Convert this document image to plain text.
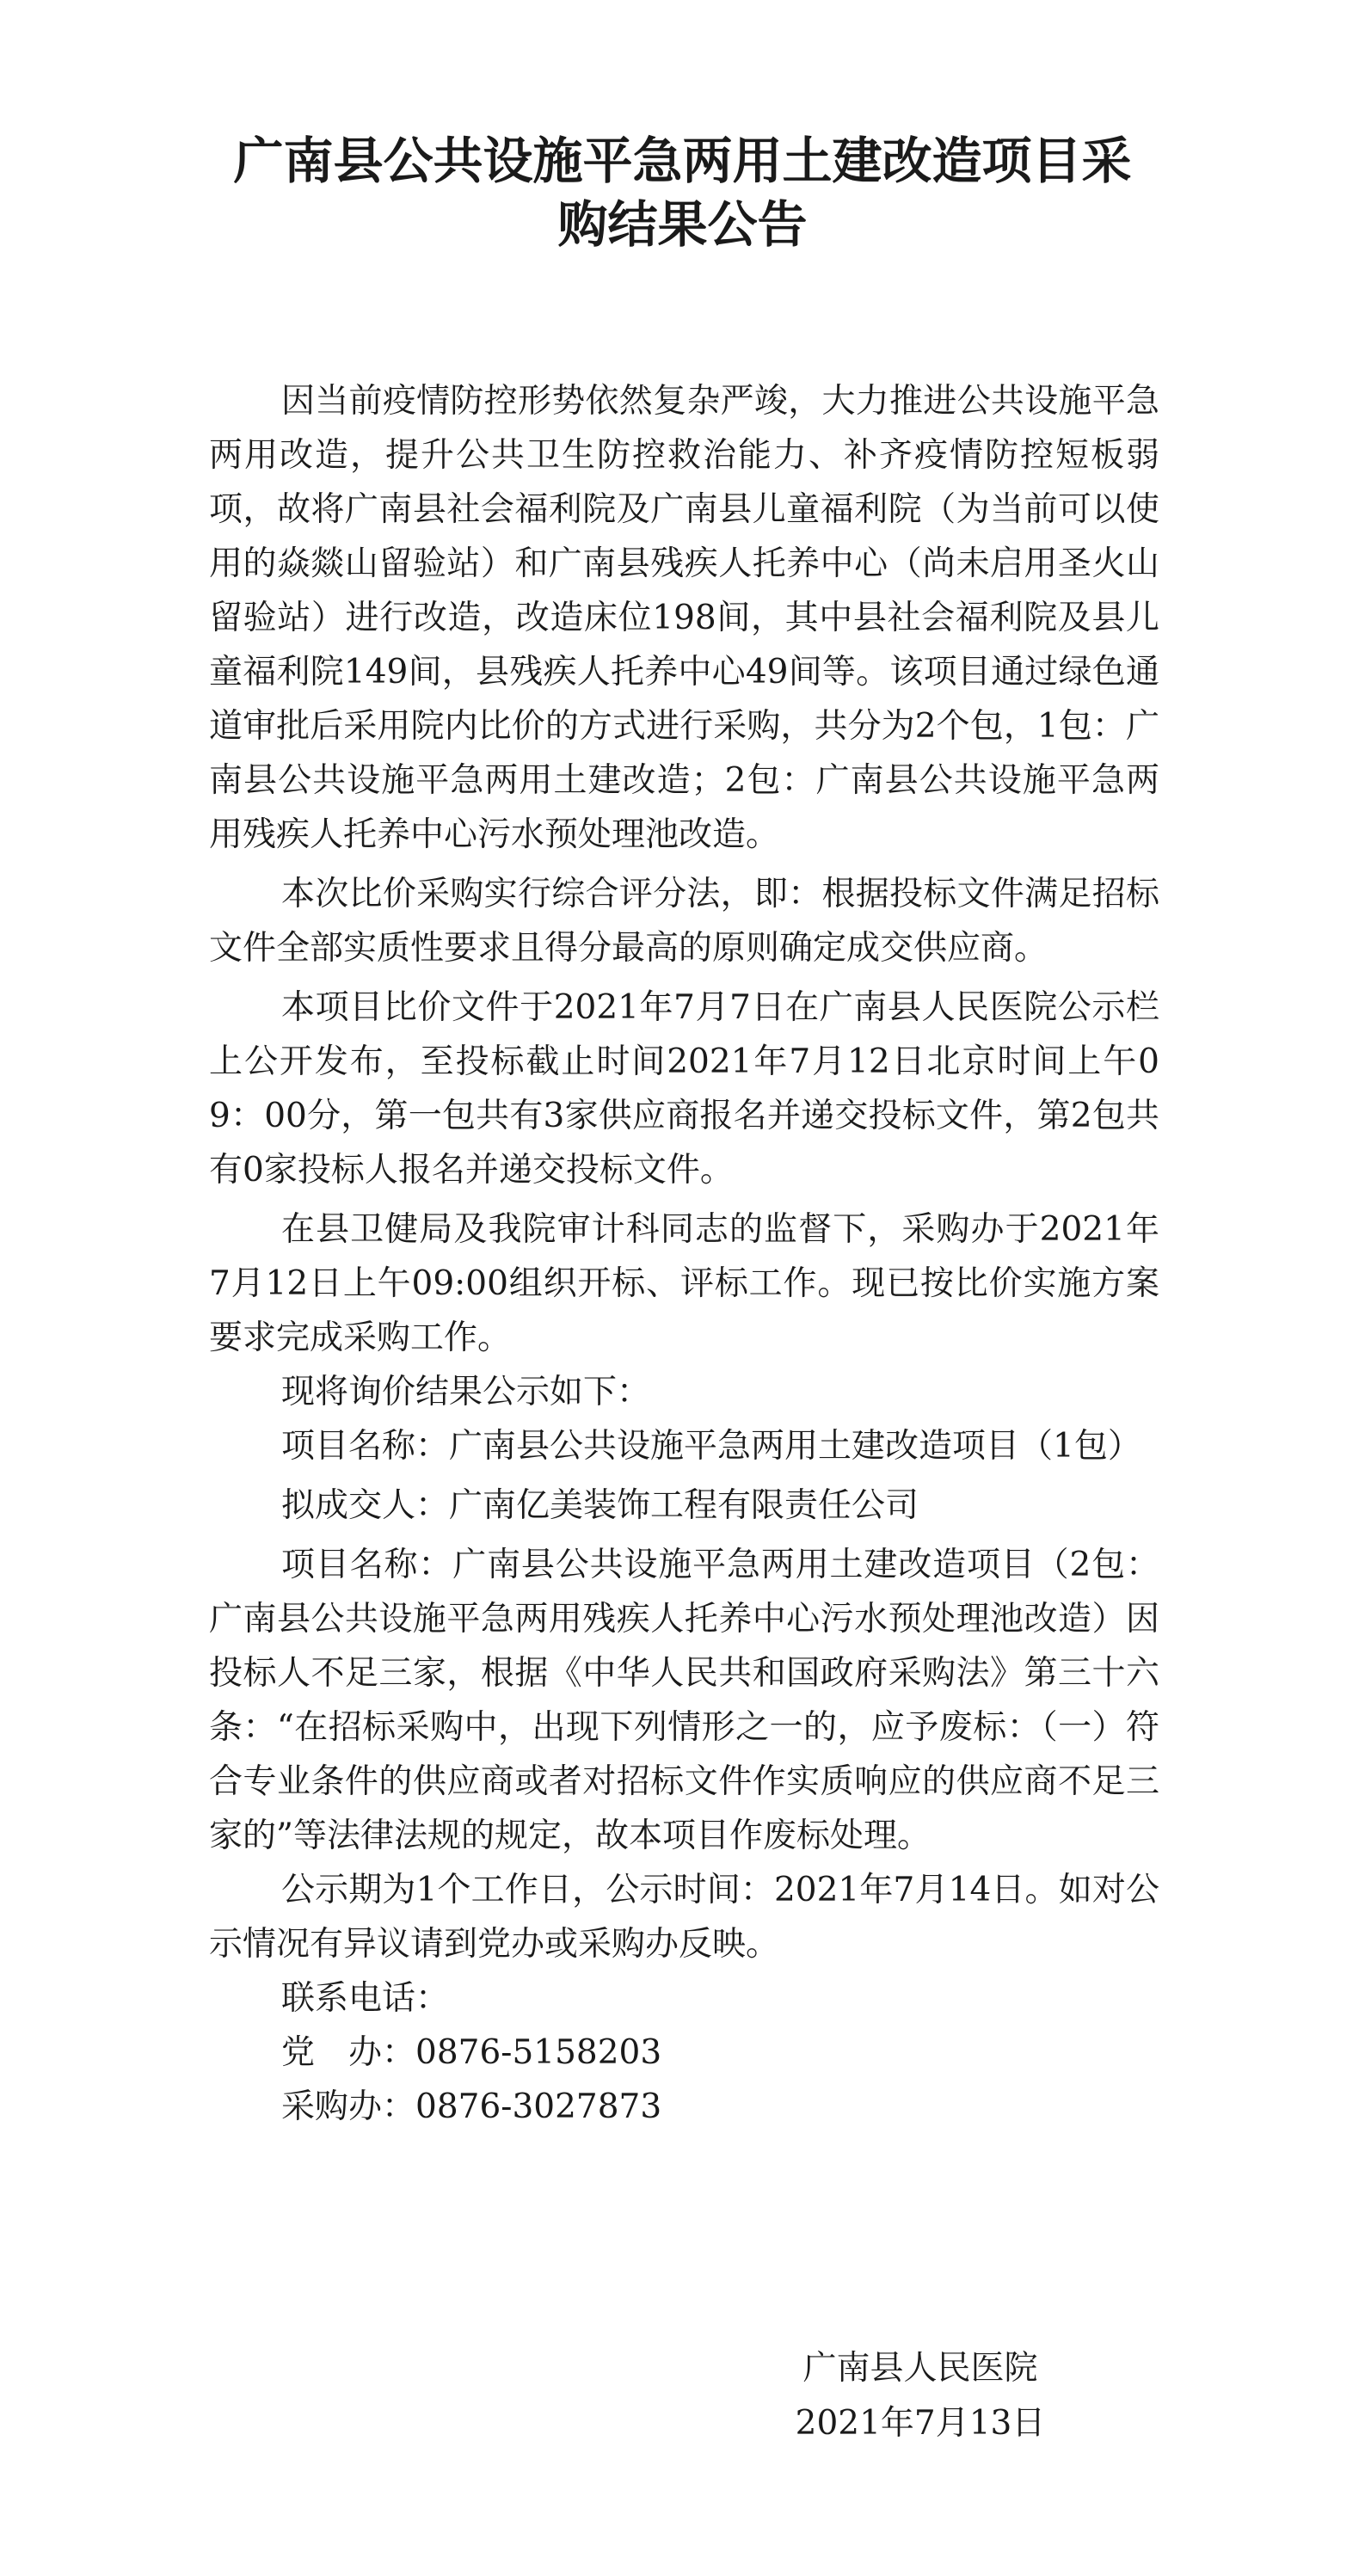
广南县公共设施平急两用土建改造项目采
购结果公告

因当前疫情防控形势依然复杂严竣，大力推进公共设施平急两用改造，提升公共卫生防控救治能力、补齐疫情防控短板弱项，故将广南县社会福利院及广南县儿童福利院（为当前可以使用的焱燚山留验站）和广南县残疾人托养中心（尚未启用圣火山留验站）进行改造，改造床位198间，其中县社会福利院及县儿童福利院149间，县残疾人托养中心49间等。该项目通过绿色通道审批后采用院内比价的方式进行采购，共分为2个包，1包：广南县公共设施平急两用土建改造；2包：广南县公共设施平急两用残疾人托养中心污水预处理池改造。

本次比价采购实行综合评分法，即：根据投标文件满足招标文件全部实质性要求且得分最高的原则确定成交供应商。

本项目比价文件于2021年7月7日在广南县人民医院公示栏上公开发布，至投标截止时间2021年7月12日北京时间上午09：00分，第一包共有3家供应商报名并递交投标文件，第2包共有0家投标人报名并递交投标文件。

在县卫健局及我院审计科同志的监督下，采购办于2021年7月12日上午09:00组织开标、评标工作。现已按比价实施方案要求完成采购工作。

现将询价结果公示如下：

项目名称：广南县公共设施平急两用土建改造项目（1包）

拟成交人：广南亿美装饰工程有限责任公司

项目名称：广南县公共设施平急两用土建改造项目（2包：广南县公共设施平急两用残疾人托养中心污水预处理池改造）因投标人不足三家，根据《中华人民共和国政府采购法》第三十六条：“在招标采购中，出现下列情形之一的，应予废标：（一）符合专业条件的供应商或者对招标文件作实质响应的供应商不足三家的”等法律法规的规定，故本项目作废标处理。

公示期为1个工作日，公示时间：2021年7月14日。如对公示情况有异议请到党办或采购办反映。

联系电话：

党　办：0876-5158203

采购办：0876-3027873

广南县人民医院
2021年7月13日
